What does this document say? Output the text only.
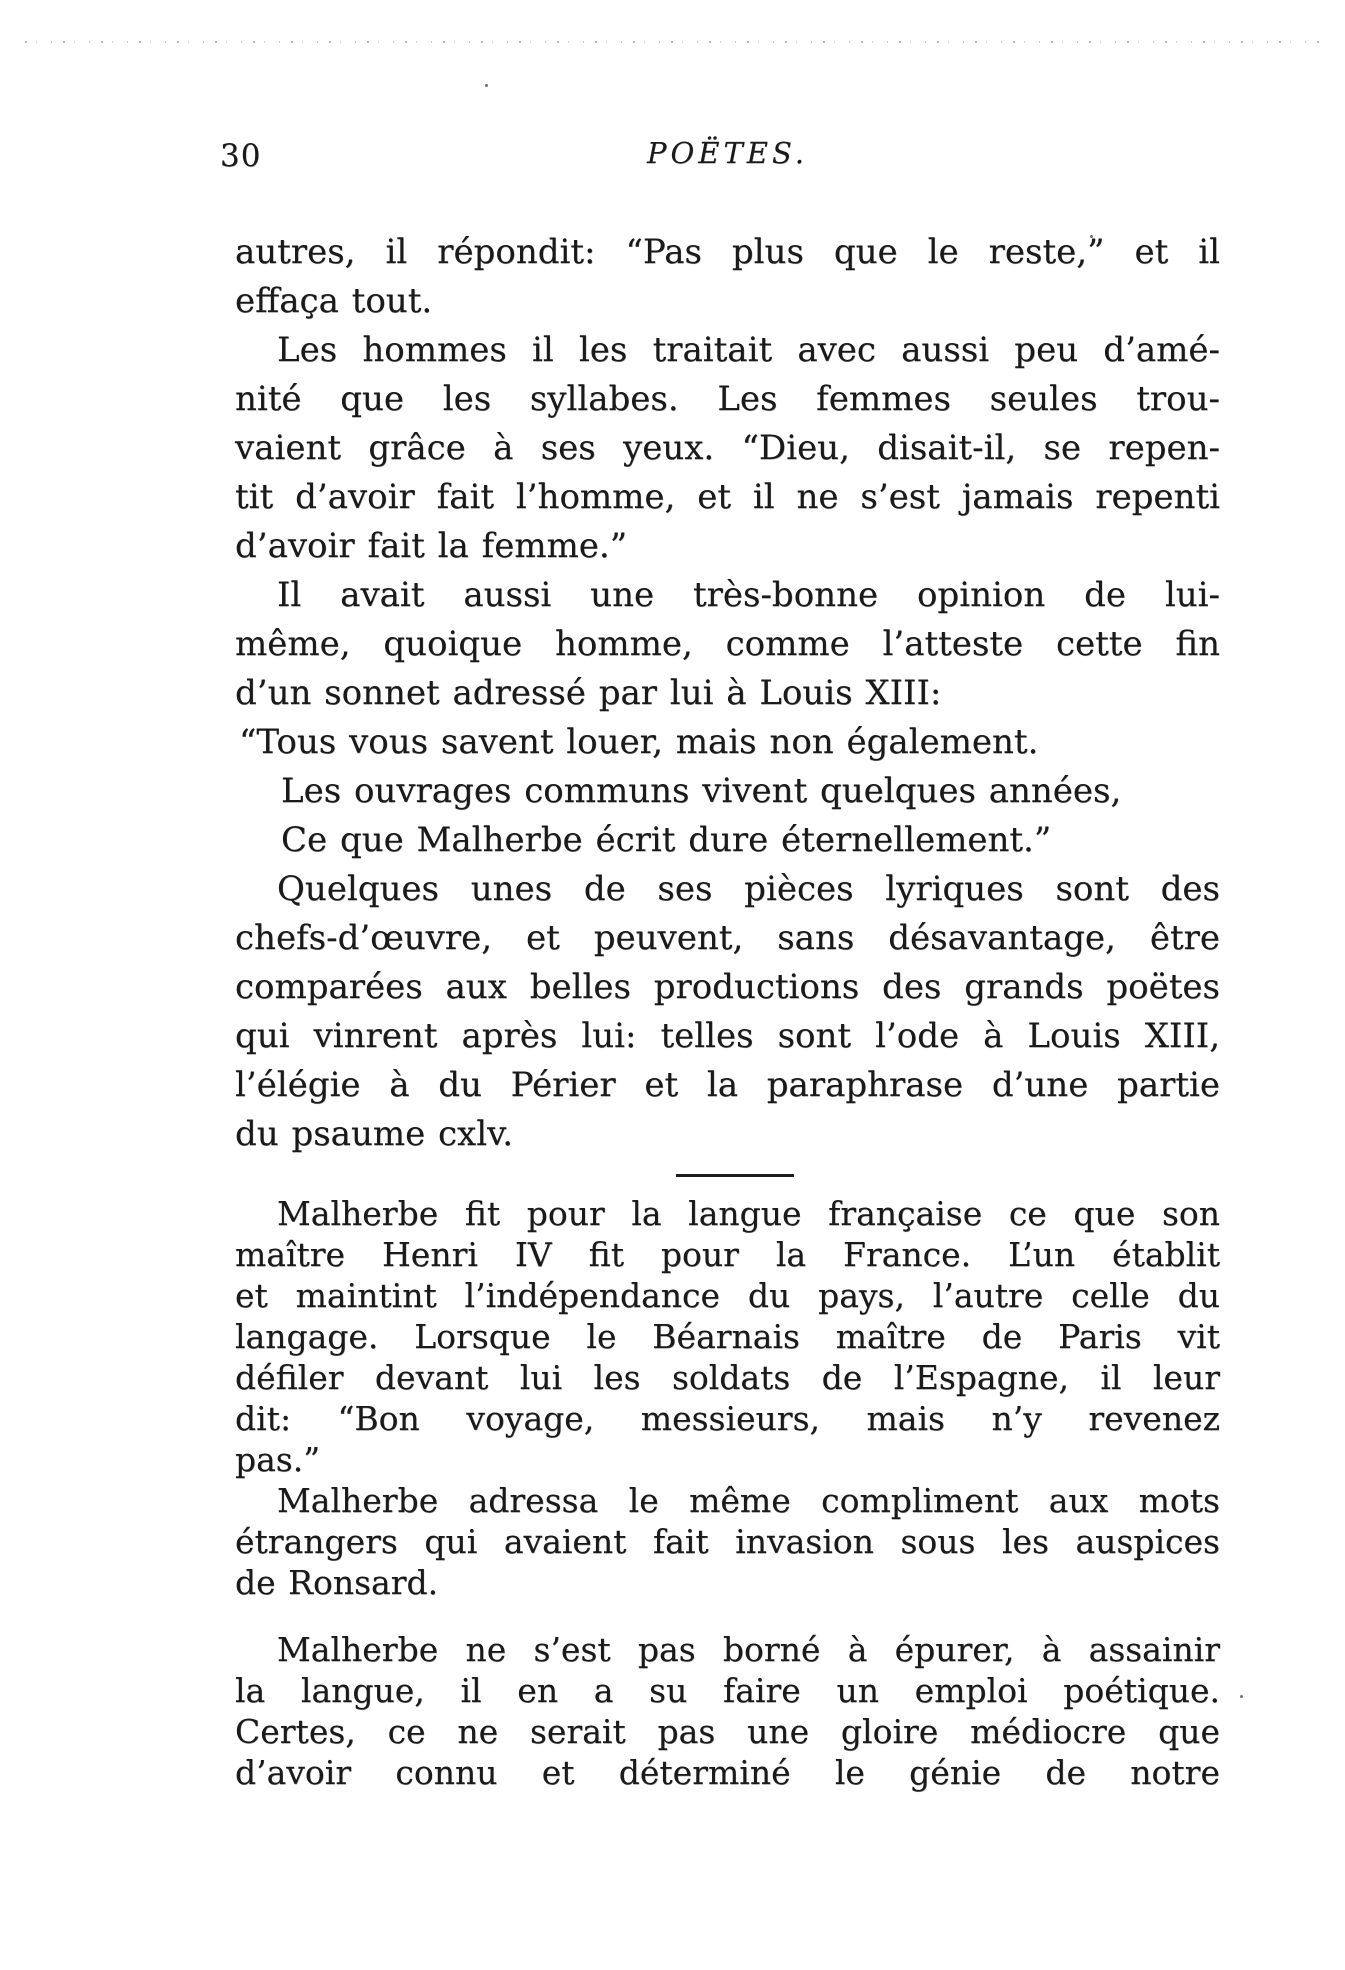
30	POËTES.

autres, il répondit: “Pas plus que le reste,” et il
effaça tout.

Les hommes il les traitait avec aussi peu d’amé-
nité que les syllabes. Les femmes seules trou-
vaient grâce à ses yeux. “Dieu, disait-il, se repen-
tit d’avoir fait l’homme, et il ne s’est jamais repenti
d’avoir fait la femme.”

Il avait aussi une très-bonne opinion de lui-
même, quoique homme, comme l’atteste cette fin
d’un sonnet adressé par lui à Louis XIII:

“Tous vous savent louer, mais non également.
Les ouvrages communs vivent quelques années,
Ce que Malherbe écrit dure éternellement.”

Quelques unes de ses pièces lyriques sont des
chefs-d’œuvre, et peuvent, sans désavantage, être
comparées aux belles productions des grands poëtes
qui vinrent après lui: telles sont l’ode à Louis XIII,
l’élégie à du Périer et la paraphrase d’une partie
du psaume cxlv.

Malherbe fit pour la langue française ce que son
maître Henri IV fit pour la France. L’un établit
et maintint l’indépendance du pays, l’autre celle du
langage. Lorsque le Béarnais maître de Paris vit
défiler devant lui les soldats de l’Espagne, il leur
dit: “Bon voyage, messieurs, mais n’y revenez
pas.”

Malherbe adressa le même compliment aux mots
étrangers qui avaient fait invasion sous les auspices
de Ronsard.

Malherbe ne s’est pas borné à épurer, à assainir
la langue, il en a su faire un emploi poétique.
Certes, ce ne serait pas une gloire médiocre que
d’avoir connu et déterminé le génie de notre
